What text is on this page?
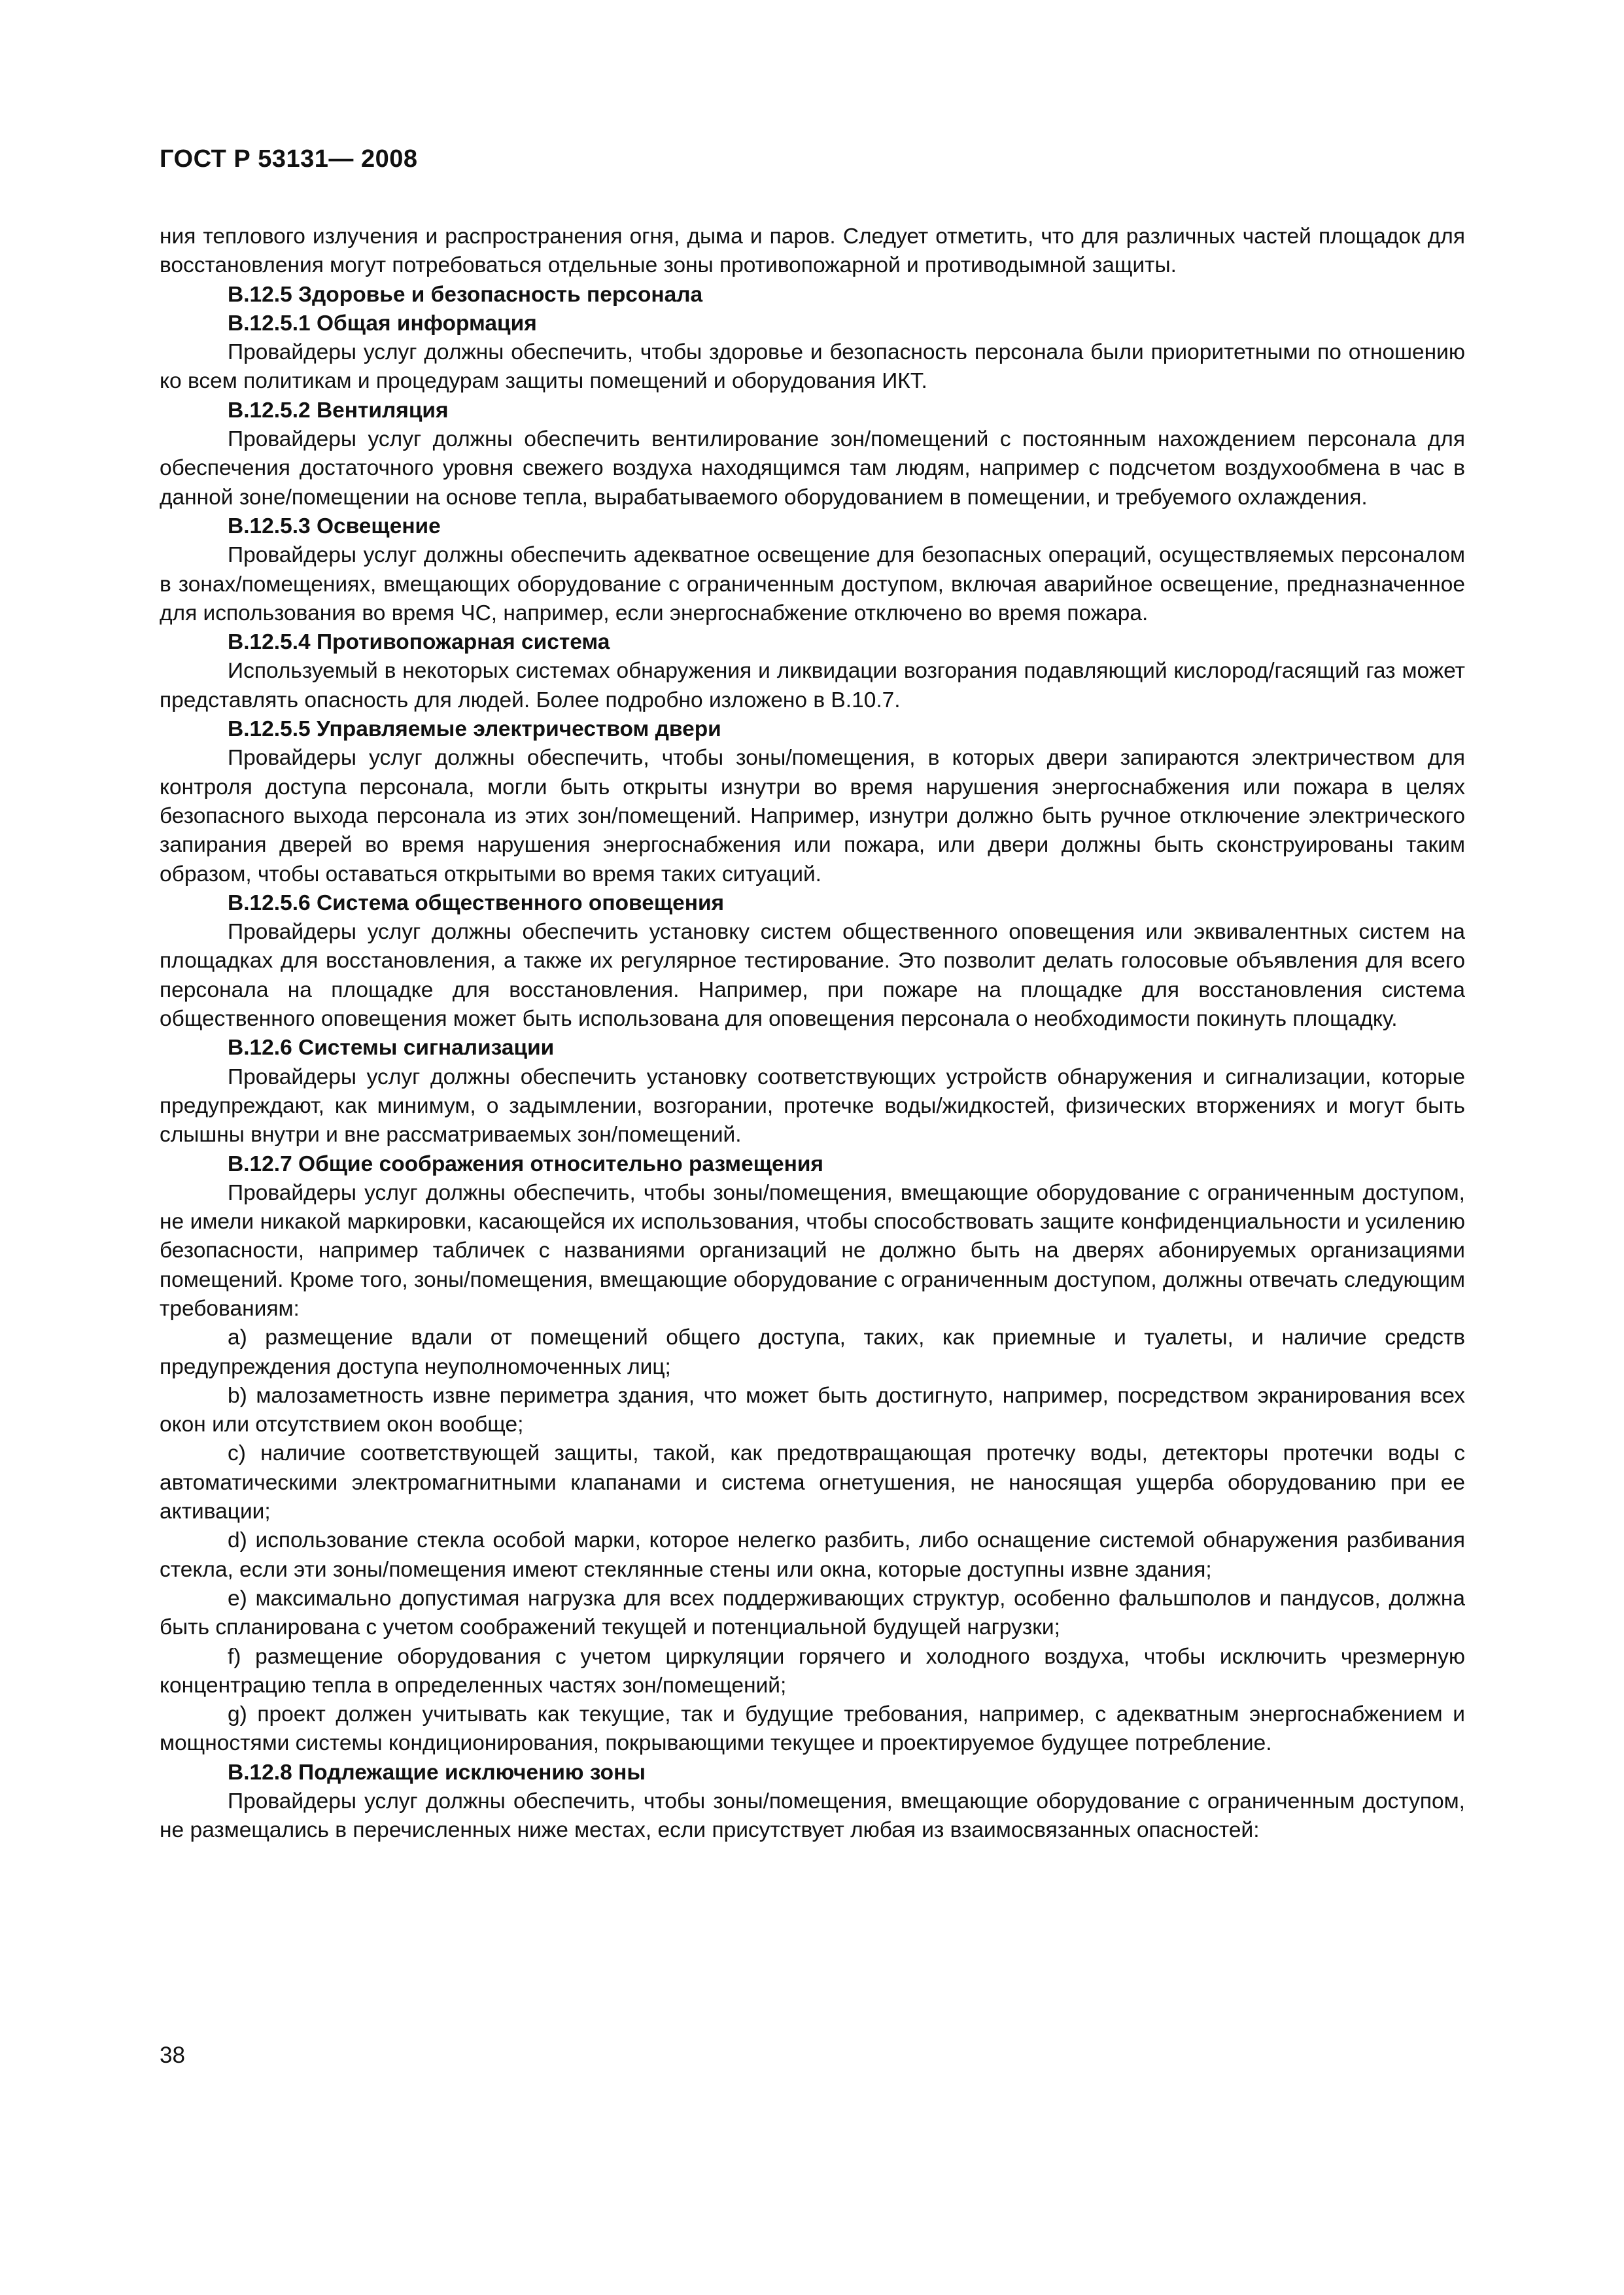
ГОСТ Р 53131— 2008

ния теплового излучения и распространения огня, дыма и паров. Следует отметить, что для различных частей площадок для восстановления могут потребоваться отдельные зоны противопожарной и противодымной защиты.

В.12.5 Здоровье и безопасность персонала
В.12.5.1 Общая информация

Провайдеры услуг должны обеспечить, чтобы здоровье и безопасность персонала были приоритетными по отношению ко всем политикам и процедурам защиты помещений и оборудования ИКТ.

В.12.5.2 Вентиляция

Провайдеры услуг должны обеспечить вентилирование зон/помещений с постоянным нахождением персонала для обеспечения достаточного уровня свежего воздуха находящимся там людям, например с подсчетом воздухообмена в час в данной зоне/помещении на основе тепла, вырабатываемого оборудованием в помещении, и требуемого охлаждения.

В.12.5.3 Освещение

Провайдеры услуг должны обеспечить адекватное освещение для безопасных операций, осуществляемых персоналом в зонах/помещениях, вмещающих оборудование с ограниченным доступом, включая аварийное освещение, предназначенное для использования во время ЧС, например, если энергоснабжение отключено во время пожара.

В.12.5.4 Противопожарная система

Используемый в некоторых системах обнаружения и ликвидации возгорания подавляющий кислород/гасящий газ может представлять опасность для людей. Более подробно изложено в В.10.7.

В.12.5.5 Управляемые электричеством двери

Провайдеры услуг должны обеспечить, чтобы зоны/помещения, в которых двери запираются электричеством для контроля доступа персонала, могли быть открыты изнутри во время нарушения энергоснабжения или пожара в целях безопасного выхода персонала из этих зон/помещений. Например, изнутри должно быть ручное отключение электрического запирания дверей во время нарушения энергоснабжения или пожара, или двери должны быть сконструированы таким образом, чтобы оставаться открытыми во время таких ситуаций.

В.12.5.6 Система общественного оповещения

Провайдеры услуг должны обеспечить установку систем общественного оповещения или эквивалентных систем на площадках для восстановления, а также их регулярное тестирование. Это позволит делать голосовые объявления для всего персонала на площадке для восстановления. Например, при пожаре на площадке для восстановления система общественного оповещения может быть использована для оповещения персонала о необходимости покинуть площадку.

В.12.6 Системы сигнализации

Провайдеры услуг должны обеспечить установку соответствующих устройств обнаружения и сигнализации, которые предупреждают, как минимум, о задымлении, возгорании, протечке воды/жидкостей, физических вторжениях и могут быть слышны внутри и вне рассматриваемых зон/помещений.

В.12.7 Общие соображения относительно размещения

Провайдеры услуг должны обеспечить, чтобы зоны/помещения, вмещающие оборудование с ограниченным доступом, не имели никакой маркировки, касающейся их использования, чтобы способствовать защите конфиденциальности и усилению безопасности, например табличек с названиями организаций не должно быть на дверях абонируемых организациями помещений. Кроме того, зоны/помещения, вмещающие оборудование с ограниченным доступом, должны отвечать следующим требованиям:

a) размещение вдали от помещений общего доступа, таких, как приемные и туалеты, и наличие средств предупреждения доступа неуполномоченных лиц;

b) малозаметность извне периметра здания, что может быть достигнуто, например, посредством экранирования всех окон или отсутствием окон вообще;

c) наличие соответствующей защиты, такой, как предотвращающая протечку воды, детекторы протечки воды с автоматическими электромагнитными клапанами и система огнетушения, не наносящая ущерба оборудованию при ее активации;

d) использование стекла особой марки, которое нелегко разбить, либо оснащение системой обнаружения разбивания стекла, если эти зоны/помещения имеют стеклянные стены или окна, которые доступны извне здания;

e) максимально допустимая нагрузка для всех поддерживающих структур, особенно фальшполов и пандусов, должна быть спланирована с учетом соображений текущей и потенциальной будущей нагрузки;

f) размещение оборудования с учетом циркуляции горячего и холодного воздуха, чтобы исключить чрезмерную концентрацию тепла в определенных частях зон/помещений;

g) проект должен учитывать как текущие, так и будущие требования, например, с адекватным энергоснабжением и мощностями системы кондиционирования, покрывающими текущее и проектируемое будущее потребление.

В.12.8 Подлежащие исключению зоны

Провайдеры услуг должны обеспечить, чтобы зоны/помещения, вмещающие оборудование с ограниченным доступом, не размещались в перечисленных ниже местах, если присутствует любая из взаимосвязанных опасностей:

38
